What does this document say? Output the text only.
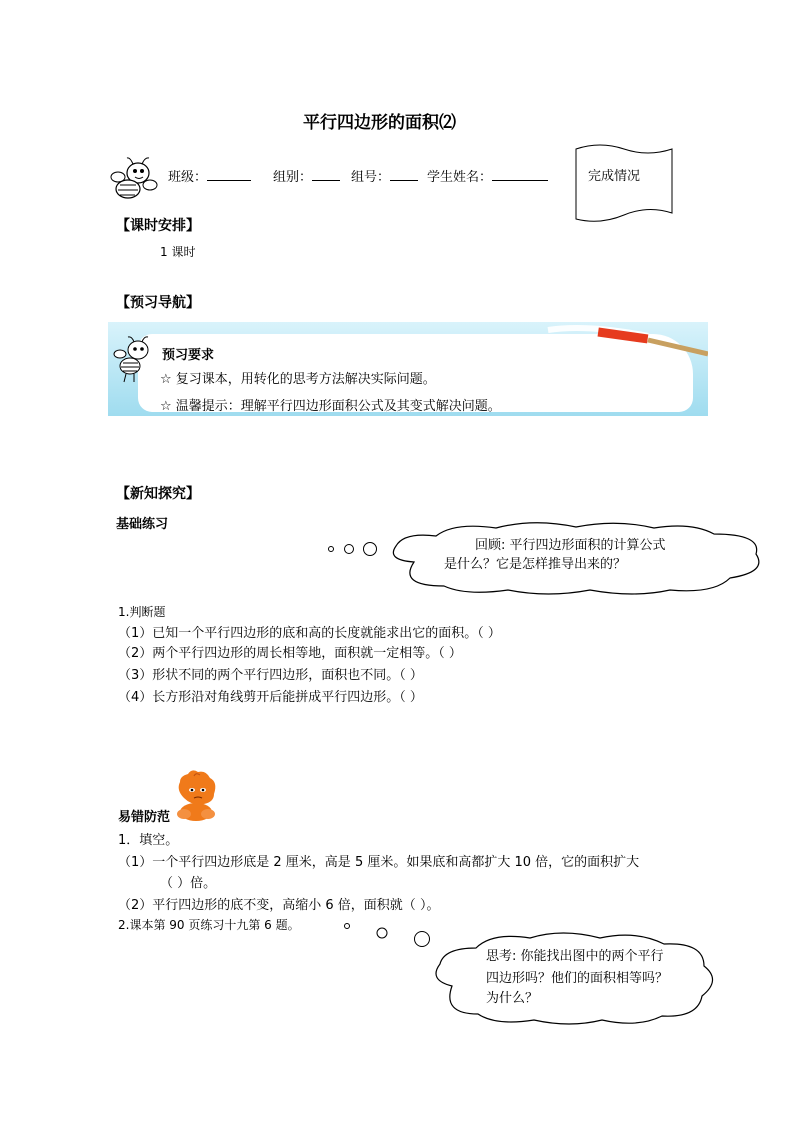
平行四边形的面积⑵
班级：	组别：	组号：	学生姓名：	完成情况
【课时安排】
1 课时
【预习导航】
预习要求
☆ 复习课本，用转化的思考方法解决实际问题。
☆ 温馨提示：理解平行四边形面积公式及其变式解决问题。
【新知探究】
基础练习
回顾: 平行四边形面积的计算公式
是什么？它是怎样推导出来的？
1.判断题
（1）已知一个平行四边形的底和高的长度就能求出它的面积。（ ）
（2）两个平行四边形的周长相等地，面积就一定相等。（ ）
（3）形状不同的两个平行四边形，面积也不同。（ ）
（4）长方形沿对角线剪开后能拼成平行四边形。（ ）
易错防范
1．填空。
（1）一个平行四边形底是 2 厘米，高是 5 厘米。如果底和高都扩大 10 倍，它的面积扩大
（ ）倍。
（2）平行四边形的底不变，高缩小 6 倍，面积就（ ）。
2.课本第 90 页练习十九第 6 题。
思考: 你能找出图中的两个平行
四边形吗？他们的面积相等吗？
为什么？
